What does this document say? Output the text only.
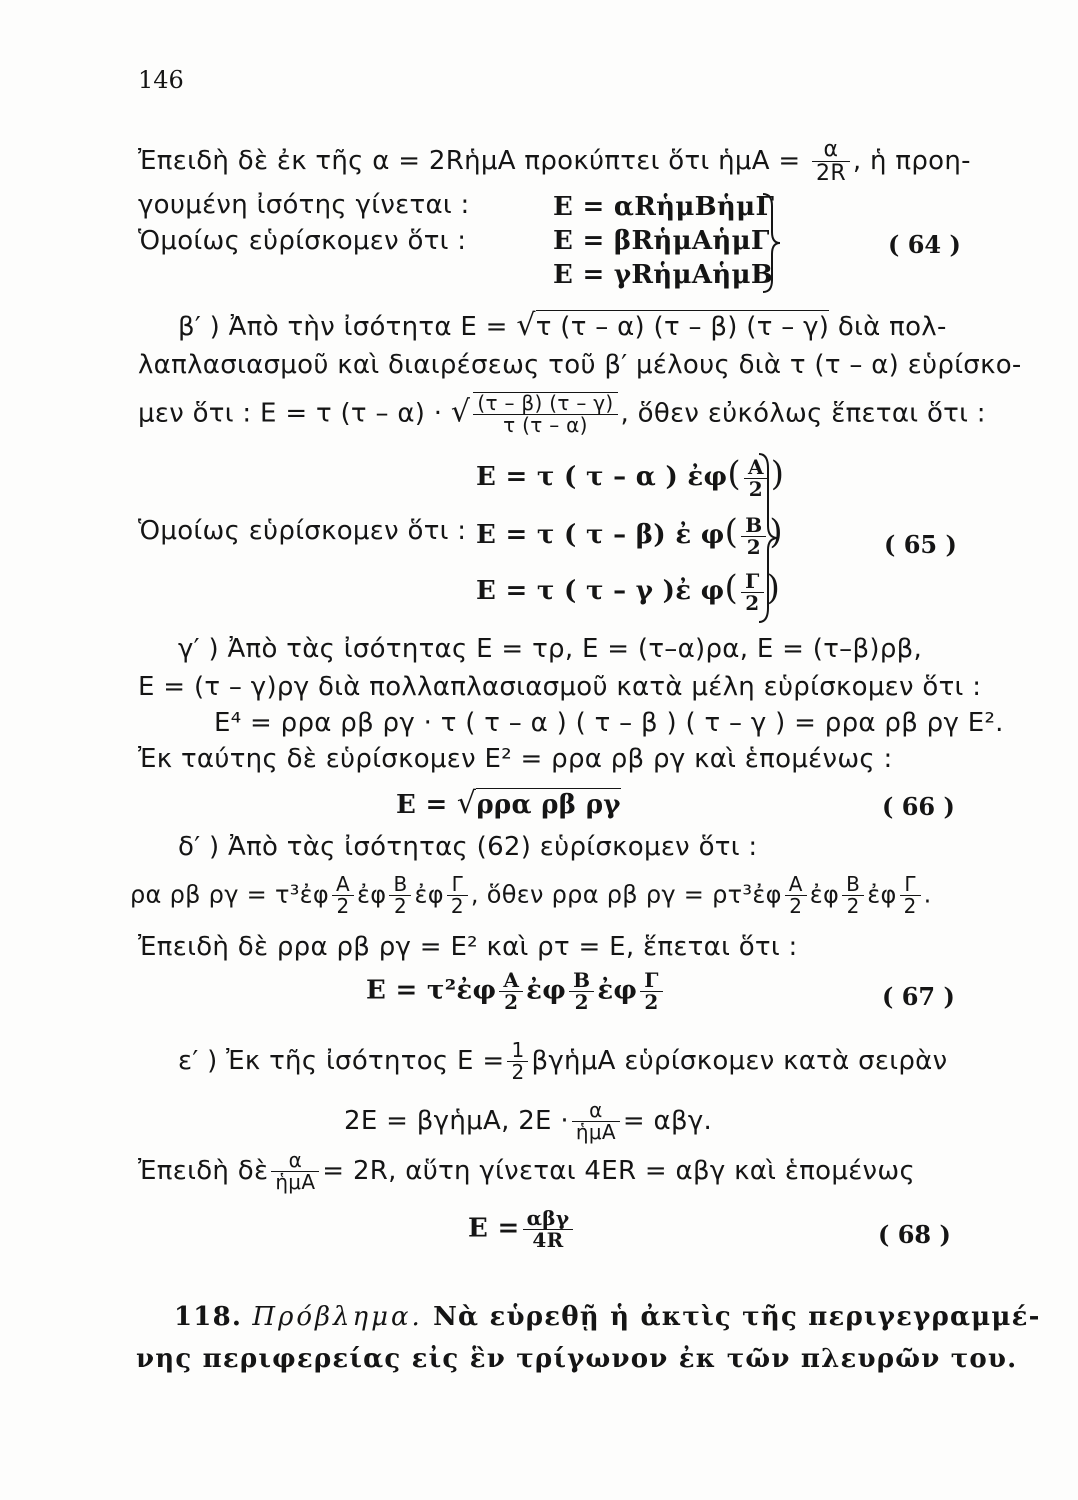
146
Ἐπειδὴ δὲ ἐκ τῆς α = 2RἡμA προκύπτει ὅτι ἡμA = $\frac{\alpha}{2R}$ , ἡ προη-
γουμένη ἰσότης γίνεται :
Ὁμοίως εὑρίσκομεν ὅτι :
E = αRἡμBἡμΓ
E = βRἡμAἡμΓ
E = γRἡμAἡμB
( 64 )
β′ ) Ἀπὸ τὴν ἰσότητα E = √τ (τ – α) (τ – β) (τ – γ) διὰ πολ-
λαπλασιασμοῦ καὶ διαιρέσεως τοῦ β′ μέλους διὰ τ (τ – α) εὑρίσκο-
μεν ὅτι : E = τ (τ – α) · √ $\frac{(\tau - \beta) (\tau - \gamma)}{\tau (\tau - \alpha)}$ , ὅθεν εὐκόλως ἕπεται ὅτι :
Ὁμοίως εὑρίσκομεν ὅτι :
E = τ ( τ – α ) ἐφ( $\frac{A}{2}$ )
E = τ ( τ – β) ἐ $\varphi( \frac{B}{2}$ )
E = τ ( τ – γ )ἐ $\varphi( \frac{\Gamma}{2}$ )
( 65 )
γ′ ) Ἀπὸ τὰς ἰσότητας E = τρ, E = (τ–α)ρα, E = (τ–β)ρβ,
E = (τ – γ)ργ διὰ πολλαπλασιασμοῦ κατὰ μέλη εὑρίσκομεν ὅτι :
E⁴ = ρρα ρβ ργ · τ ( τ – α ) ( τ – β ) ( τ – γ ) = ρρα ρβ ργ E².
Ἐκ ταύτης δὲ εὑρίσκομεν E² = ρρα ρβ ργ καὶ ἑπομένως :
E = √ρρα ρβ ργ	( 66 )
δ′ ) Ἀπὸ τὰς ἰσότητας (62) εὑρίσκομεν ὅτι :
ρα ρβ ργ = τ³ἐφ $\frac{A}{2}$ ἐφ $\frac{B}{2}$ ἐφ $\frac{\Gamma}{2}$ , ὅθεν ρρα ρβ ργ = ρτ³ἐφ $\frac{A}{2}$ ἐφ $\frac{B}{2}$ ἐφ $\frac{\Gamma}{2}$ .
Ἐπειδὴ δὲ ρρα ρβ ργ = E² καὶ ρτ = E, ἕπεται ὅτι :
E = τ²ἐφ $\frac{A}{2}$ ἐφ $\frac{B}{2}$ ἐφ $\frac{\Gamma}{2}$	( 67 )
ε′ ) Ἐκ τῆς ἰσότητος $E = \frac{1}{2}$ βγἡμA εὑρίσκομεν κατὰ σειρὰν
2E = βγἡμA, $2E \cdot \frac{\alpha}{\text{ἡμA}} = \alpha\beta\gamma$.
Ἐπειδὴ δὲ $\frac{\alpha}{\text{ἡμA}} = 2R$, αὕτη γίνεται 4ER = αβγ καὶ ἑπομένως
$E = \frac{\text{αβγ}}{4R}$	( 68 )
118. Πρόβλημα. Νὰ εὑρεθῇ ἡ ἀκτὶς τῆς περιγεγραμμέ-
νης περιφερείας εἰς ἓν τρίγωνον ἐκ τῶν πλευρῶν του.
